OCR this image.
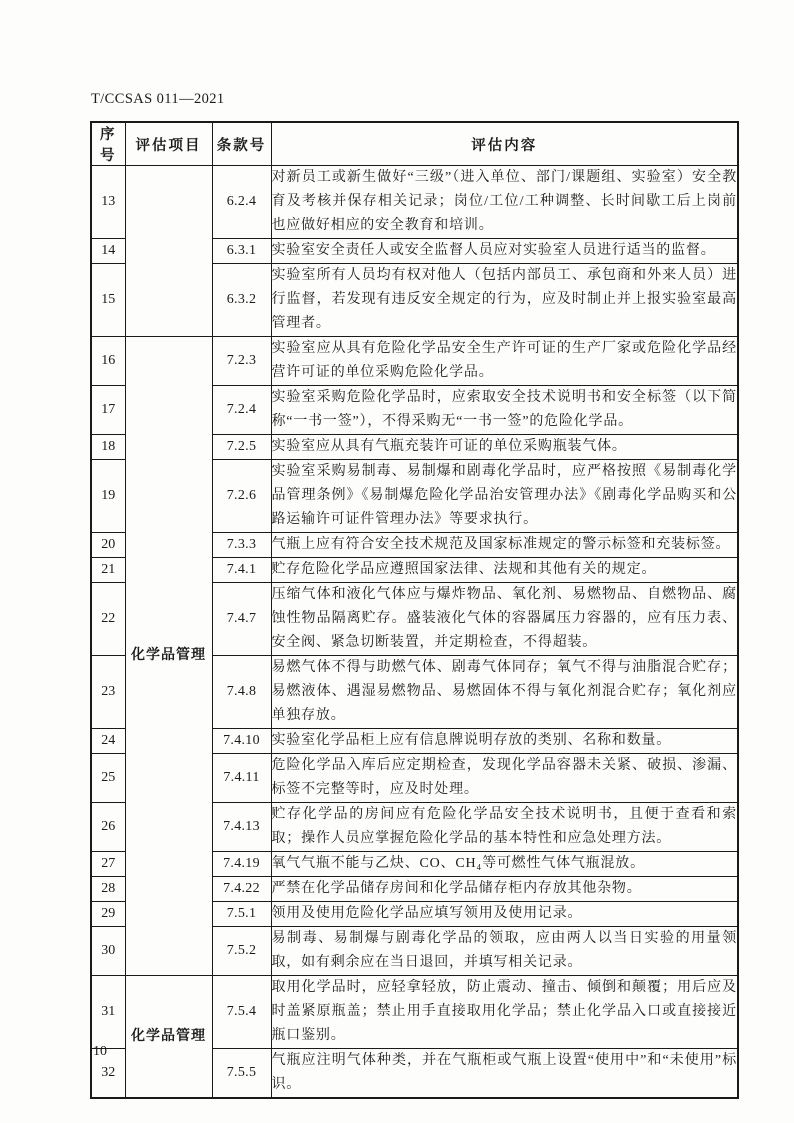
T/CCSAS 011—2021
序号	评估项目	条款号	评估内容
13		6.2.4	对新员工或新生做好“三级”（进入单位、部门/课题组、实验室）安全教育及考核并保存相关记录；岗位/工位/工种调整、长时间歇工后上岗前也应做好相应的安全教育和培训。
14		6.3.1	实验室安全责任人或安全监督人员应对实验室人员进行适当的监督。
15		6.3.2	实验室所有人员均有权对他人（包括内部员工、承包商和外来人员）进行监督，若发现有违反安全规定的行为，应及时制止并上报实验室最高管理者。
16	化学品管理	7.2.3	实验室应从具有危险化学品安全生产许可证的生产厂家或危险化学品经营许可证的单位采购危险化学品。
17		7.2.4	实验室采购危险化学品时，应索取安全技术说明书和安全标签（以下简称“一书一签”），不得采购无“一书一签”的危险化学品。
18		7.2.5	实验室应从具有气瓶充装许可证的单位采购瓶装气体。
19		7.2.6	实验室采购易制毒、易制爆和剧毒化学品时，应严格按照《易制毒化学品管理条例》《易制爆危险化学品治安管理办法》《剧毒化学品购买和公路运输许可证件管理办法》等要求执行。
20		7.3.3	气瓶上应有符合安全技术规范及国家标准规定的警示标签和充装标签。
21		7.4.1	贮存危险化学品应遵照国家法律、法规和其他有关的规定。
22		7.4.7	压缩气体和液化气体应与爆炸物品、氧化剂、易燃物品、自燃物品、腐蚀性物品隔离贮存。盛装液化气体的容器属压力容器的，应有压力表、安全阀、紧急切断装置，并定期检查，不得超装。
23		7.4.8	易燃气体不得与助燃气体、剧毒气体同存；氧气不得与油脂混合贮存；易燃液体、遇湿易燃物品、易燃固体不得与氧化剂混合贮存；氧化剂应单独存放。
24		7.4.10	实验室化学品柜上应有信息牌说明存放的类别、名称和数量。
25		7.4.11	危险化学品入库后应定期检查，发现化学品容器未关紧、破损、渗漏、标签不完整等时，应及时处理。
26		7.4.13	贮存化学品的房间应有危险化学品安全技术说明书，且便于查看和索取；操作人员应掌握危险化学品的基本特性和应急处理方法。
27		7.4.19	氧气气瓶不能与乙炔、CO、CH₄等可燃性气体气瓶混放。
28		7.4.22	严禁在化学品储存房间和化学品储存柜内存放其他杂物。
29		7.5.1	领用及使用危险化学品应填写领用及使用记录。
30		7.5.2	易制毒、易制爆与剧毒化学品的领取，应由两人以当日实验的用量领取，如有剩余应在当日退回，并填写相关记录。
31	化学品管理	7.5.4	取用化学品时，应轻拿轻放，防止震动、撞击、倾倒和颠覆；用后应及时盖紧原瓶盖；禁止用手直接取用化学品；禁止化学品入口或直接接近瓶口鉴别。
32		7.5.5	气瓶应注明气体种类，并在气瓶柜或气瓶上设置“使用中”和“未使用”标识。
10
